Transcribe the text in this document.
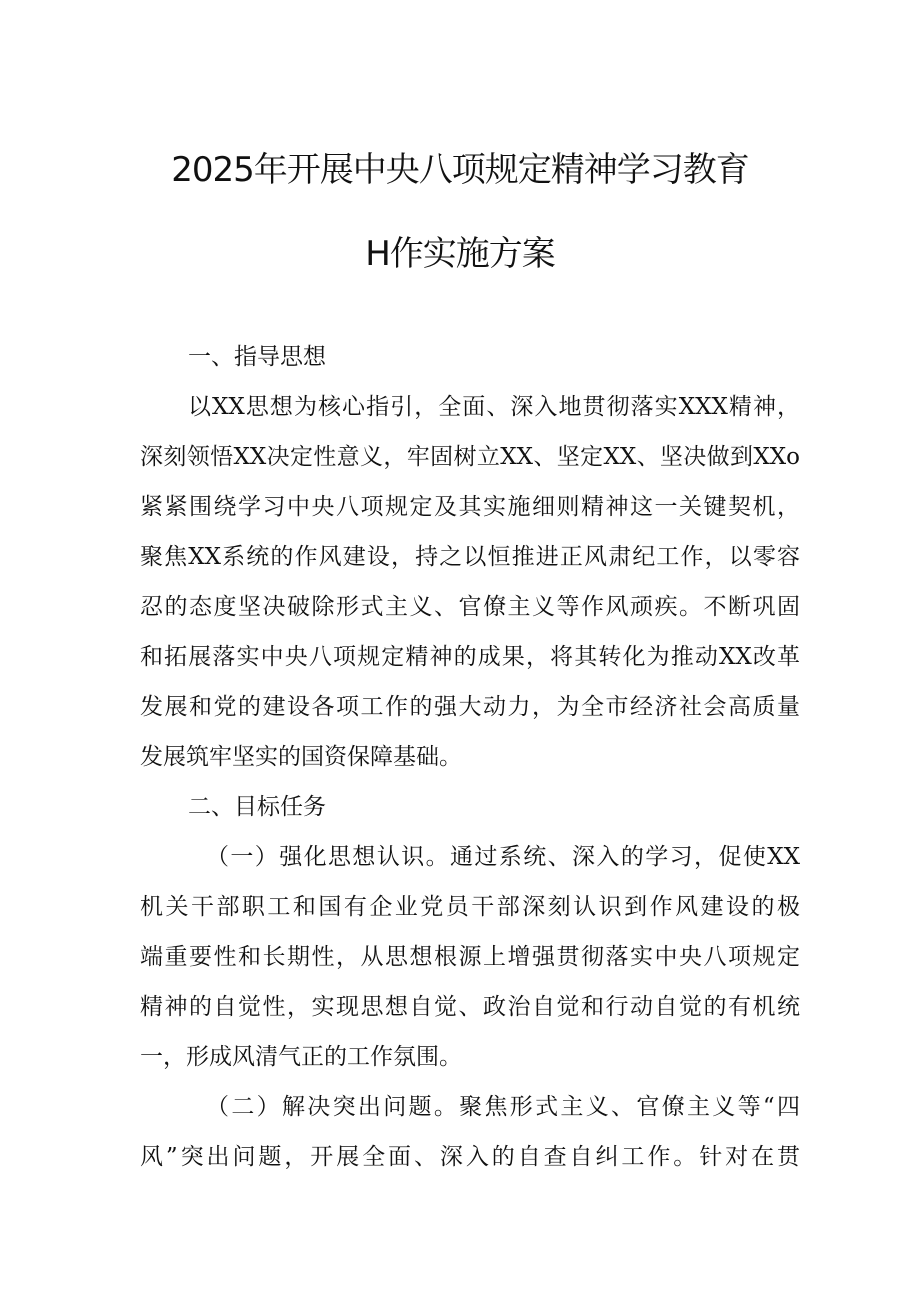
2025年开展中央八项规定精神学习教育
H作实施方案
一、指导思想
以XX思想为核心指引，全面、深入地贯彻落实XXX精神，
深刻领悟XX决定性意义，牢固树立XX、坚定XX、坚决做到XXo
紧紧围绕学习中央八项规定及其实施细则精神这一关键契机，
聚焦XX系统的作风建设，持之以恒推进正风肃纪工作，以零容
忍的态度坚决破除形式主义、官僚主义等作风顽疾。不断巩固
和拓展落实中央八项规定精神的成果，将其转化为推动XX改革
发展和党的建设各项工作的强大动力，为全市经济社会高质量
发展筑牢坚实的国资保障基础。
二、目标任务
（一）强化思想认识。通过系统、深入的学习，促使XX
机关干部职工和国有企业党员干部深刻认识到作风建设的极
端重要性和长期性，从思想根源上增强贯彻落实中央八项规定
精神的自觉性，实现思想自觉、政治自觉和行动自觉的有机统
一，形成风清气正的工作氛围。
（二）解决突出问题。聚焦形式主义、官僚主义等“四
风”突出问题，开展全面、深入的自查自纠工作。针对在贯
